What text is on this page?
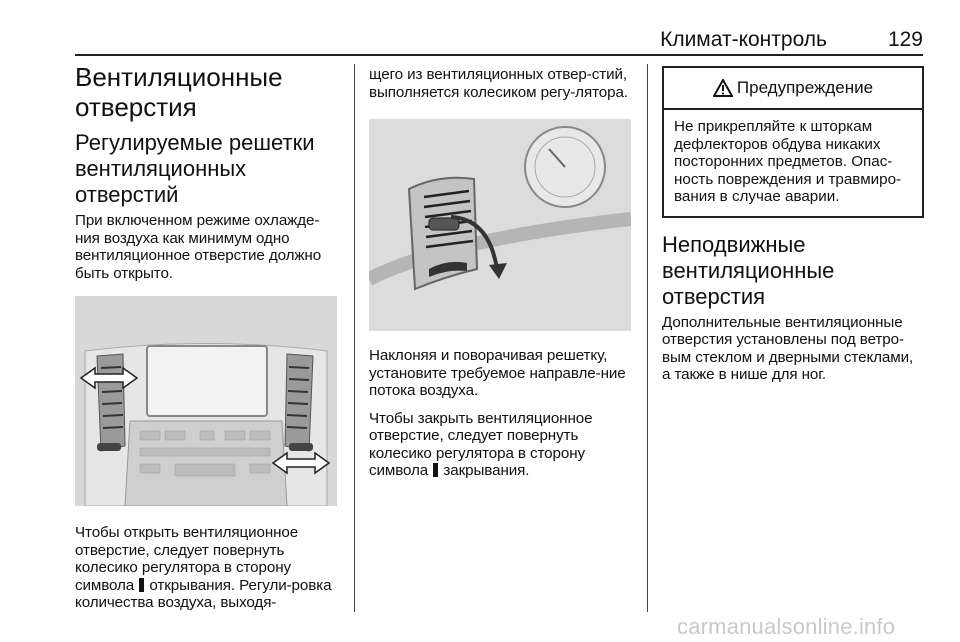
Климат-контроль	129
Вентиляционные отверстия
Регулируемые решетки вентиляционных отверстий

При включенном режиме охлажде-ния воздуха как минимум одно вентиляционное отверстие должно быть открыто.

Чтобы открыть вентиляционное отверстие, следует повернуть колесико регулятора в сторону символа открывания. Регули-ровка количества воздуха, выходя-

щего из вентиляционных отвер-стий, выполняется колесиком регу-лятора.

Наклоняя и поворачивая решетку, установите требуемое направле-ние потока воздуха.

Чтобы закрыть вентиляционное отверстие, следует повернуть колесико регулятора в сторону символа закрывания.

Предупреждение
Не прикрепляйте к шторкам дефлекторов обдува никаких посторонних предметов. Опас-ность повреждения и травмиро-вания в случае аварии.
Неподвижные вентиляционные отверстия

Дополнительные вентиляционные отверстия установлены под ветро-вым стеклом и дверными стеклами, а также в нише для ног.

carmanualsonline.info
